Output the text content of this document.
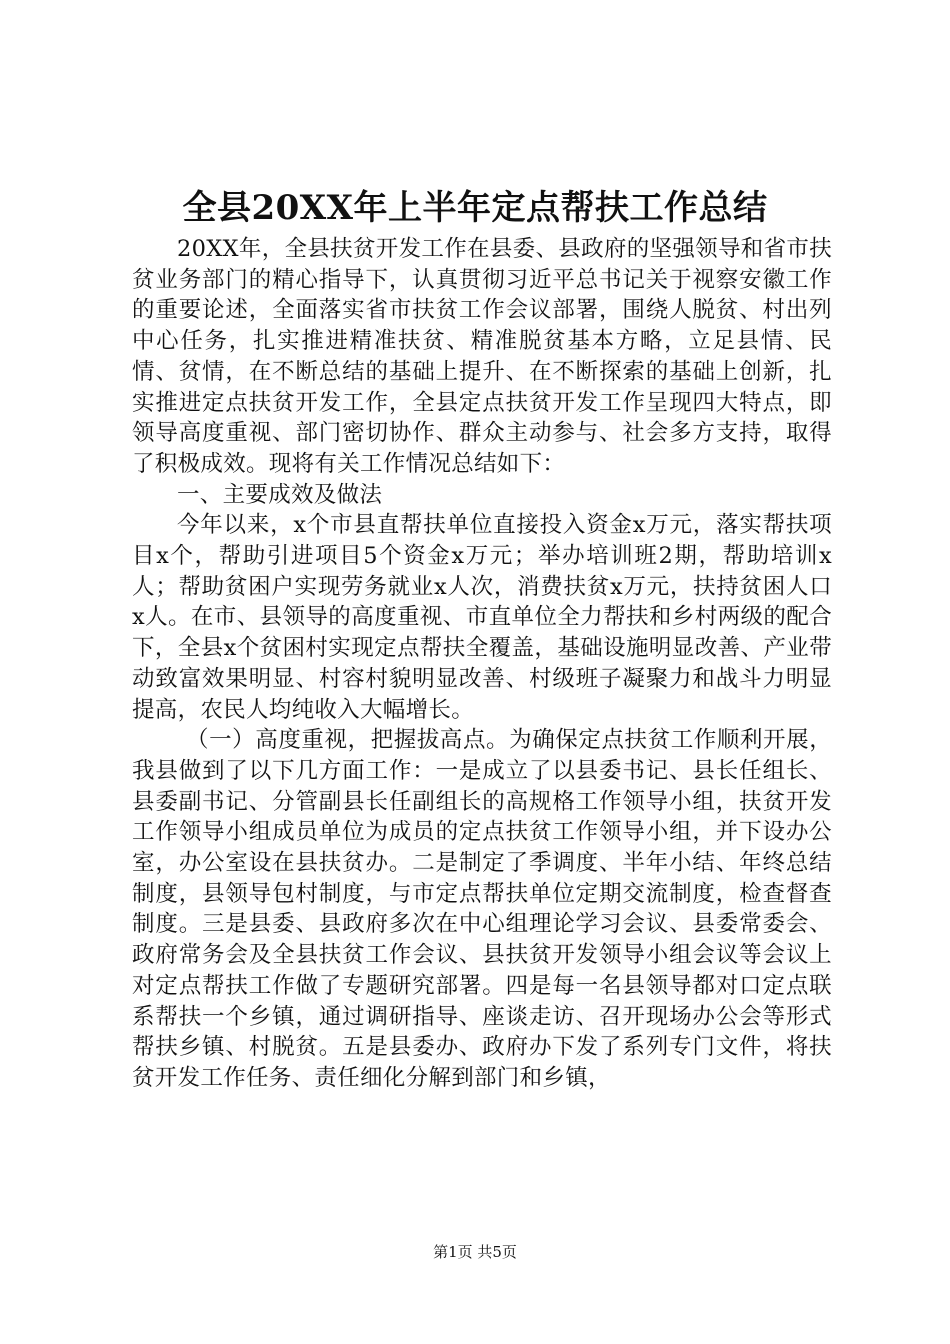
全县20XX年上半年定点帮扶工作总结

20XX年，全县扶贫开发工作在县委、县政府的坚强领导和省市扶贫业务部门的精心指导下，认真贯彻习近平总书记关于视察安徽工作的重要论述，全面落实省市扶贫工作会议部署，围绕人脱贫、村出列中心任务，扎实推进精准扶贫、精准脱贫基本方略，立足县情、民情、贫情，在不断总结的基础上提升、在不断探索的基础上创新，扎实推进定点扶贫开发工作，全县定点扶贫开发工作呈现四大特点，即领导高度重视、部门密切协作、群众主动参与、社会多方支持，取得了积极成效。现将有关工作情况总结如下：

一、主要成效及做法

今年以来，x个市县直帮扶单位直接投入资金x万元，落实帮扶项目x个，帮助引进项目5个资金x万元；举办培训班2期，帮助培训x人；帮助贫困户实现劳务就业x人次，消费扶贫x万元，扶持贫困人口x人。在市、县领导的高度重视、市直单位全力帮扶和乡村两级的配合下，全县x个贫困村实现定点帮扶全覆盖，基础设施明显改善、产业带动致富效果明显、村容村貌明显改善、村级班子凝聚力和战斗力明显提高，农民人均纯收入大幅增长。

（一）高度重视，把握拔高点。为确保定点扶贫工作顺利开展，我县做到了以下几方面工作：一是成立了以县委书记、县长任组长、县委副书记、分管副县长任副组长的高规格工作领导小组，扶贫开发工作领导小组成员单位为成员的定点扶贫工作领导小组，并下设办公室，办公室设在县扶贫办。二是制定了季调度、半年小结、年终总结制度，县领导包村制度，与市定点帮扶单位定期交流制度，检查督查制度。三是县委、县政府多次在中心组理论学习会议、县委常委会、政府常务会及全县扶贫工作会议、县扶贫开发领导小组会议等会议上对定点帮扶工作做了专题研究部署。四是每一名县领导都对口定点联系帮扶一个乡镇，通过调研指导、座谈走访、召开现场办公会等形式帮扶乡镇、村脱贫。五是县委办、政府办下发了系列专门文件，将扶贫开发工作任务、责任细化分解到部门和乡镇，

第1页 共5页
